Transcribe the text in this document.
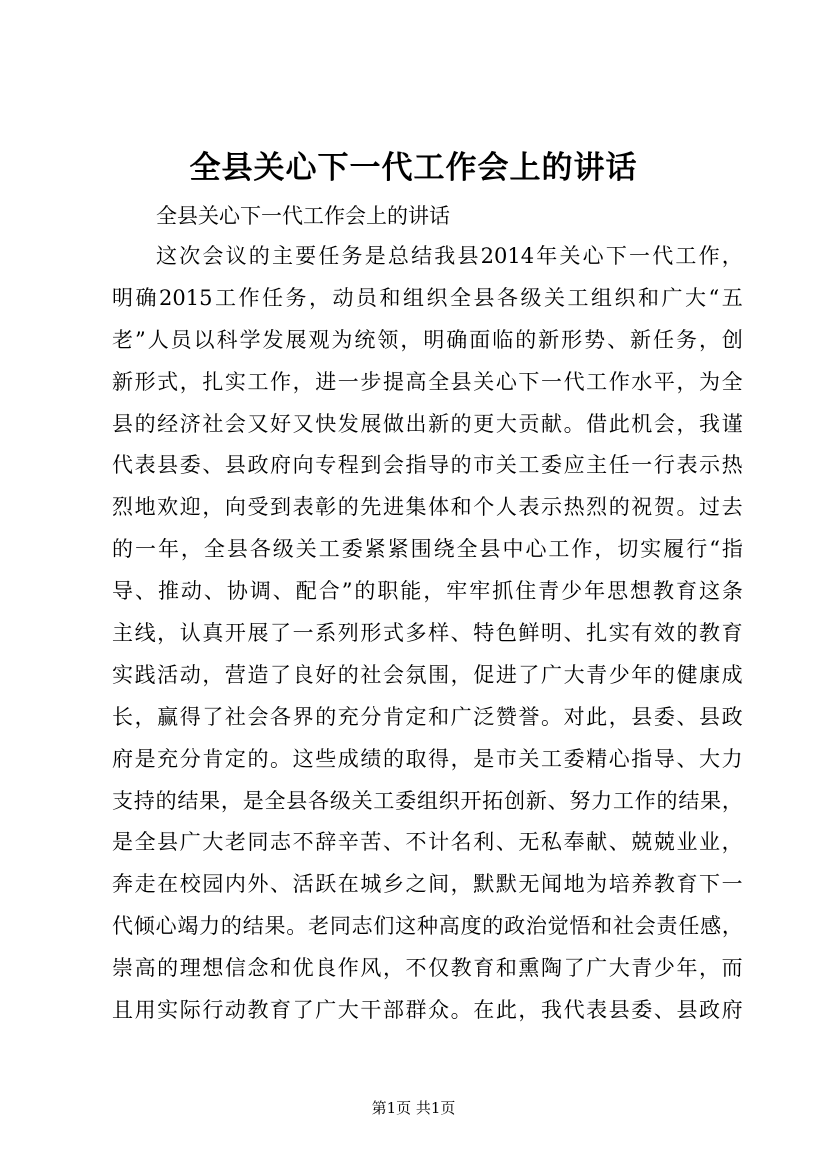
全县关心下一代工作会上的讲话

全县关心下一代工作会上的讲话

这 次 会 议 的 主 要 任 务 是 总 结 我 县 2014 年 关 心 下 一 代 工 作 ，
明 确 2015 工 作 任 务 ， 动 员 和 组 织 全 县 各 级 关 工 组 织 和 广 大 “ 五
老 ” 人 员 以 科 学 发 展 观 为 统 领 ， 明 确 面 临 的 新 形 势 、 新 任 务 ， 创
新 形 式 ， 扎 实 工 作 ， 进 一 步 提 高 全 县 关 心 下 一 代 工 作 水 平 ， 为 全
县 的 经 济 社 会 又 好 又 快 发 展 做 出 新 的 更 大 贡 献 。 借 此 机 会 ， 我 谨
代 表 县 委 、 县 政 府 向 专 程 到 会 指 导 的 市 关 工 委 应 主 任 一 行 表 示 热
烈 地 欢 迎 ， 向 受 到 表 彰 的 先 进 集 体 和 个 人 表 示 热 烈 的 祝 贺 。 过 去
的 一 年 ， 全 县 各 级 关 工 委 紧 紧 围 绕 全 县 中 心 工 作 ， 切 实 履 行 “ 指
导 、 推 动 、 协 调 、 配 合 ” 的 职 能 ， 牢 牢 抓 住 青 少 年 思 想 教 育 这 条
主 线 ， 认 真 开 展 了 一 系 列 形 式 多 样 、 特 色 鲜 明 、 扎 实 有 效 的 教 育
实 践 活 动 ， 营 造 了 良 好 的 社 会 氛 围 ， 促 进 了 广 大 青 少 年 的 健 康 成
长 ， 赢 得 了 社 会 各 界 的 充 分 肯 定 和 广 泛 赞 誉 。 对 此 ， 县 委 、 县 政
府 是 充 分 肯 定 的 。 这 些 成 绩 的 取 得 ， 是 市 关 工 委 精 心 指 导 、 大 力
支 持 的 结 果 ， 是 全 县 各 级 关 工 委 组 织 开 拓 创 新 、 努 力 工 作 的 结 果 ，
是 全 县 广 大 老 同 志 不 辞 辛 苦 、 不 计 名 利 、 无 私 奉 献 、 兢 兢 业 业 ，
奔 走 在 校 园 内 外 、 活 跃 在 城 乡 之 间 ， 默 默 无 闻 地 为 培 养 教 育 下 一
代 倾 心 竭 力 的 结 果 。 老 同 志 们 这 种 高 度 的 政 治 觉 悟 和 社 会 责 任 感 ，
崇 高 的 理 想 信 念 和 优 良 作 风 ， 不 仅 教 育 和 熏 陶 了 广 大 青 少 年 ， 而
且 用 实 际 行 动 教 育 了 广 大 干 部 群 众 。 在 此 ， 我 代 表 县 委 、 县 政 府
第1页 共1页
